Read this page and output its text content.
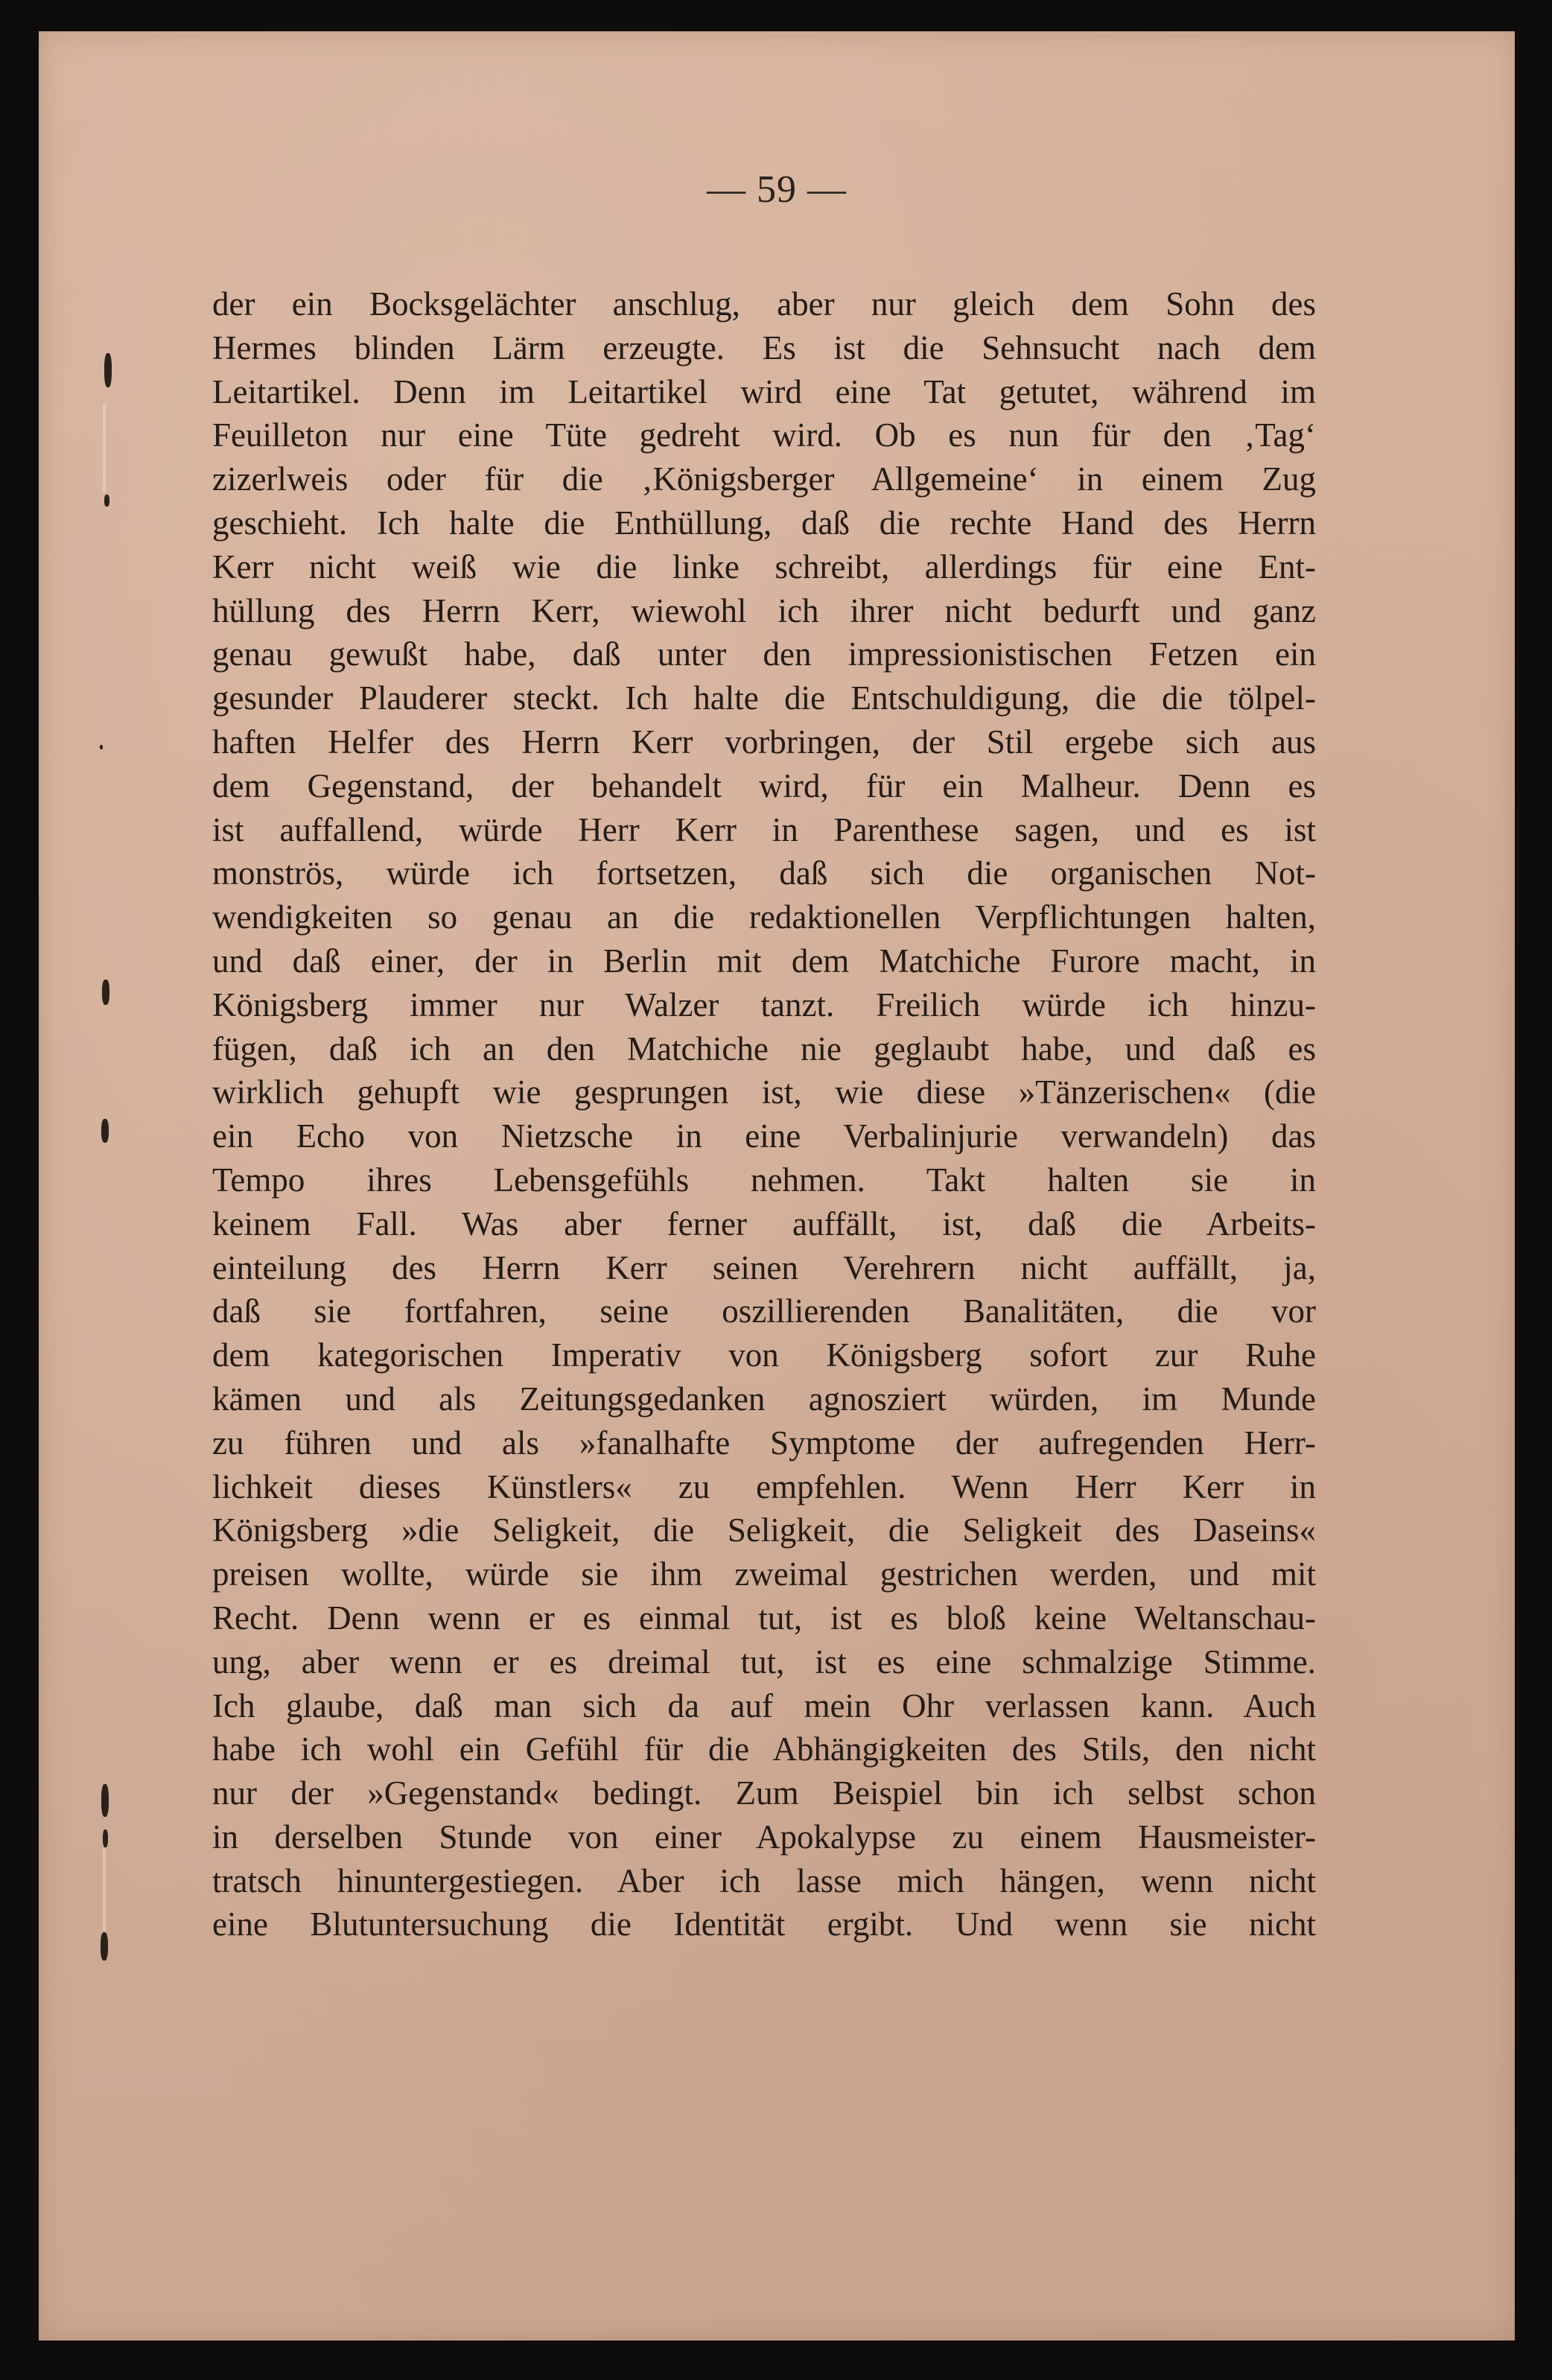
— 59 —
der ein Bocksgelächter anschlug, aber nur gleich dem Sohn des
Hermes blinden Lärm erzeugte. Es ist die Sehnsucht nach dem
Leitartikel. Denn im Leitartikel wird eine Tat getutet, während im
Feuilleton nur eine Tüte gedreht wird. Ob es nun für den ‚Tag‘
zizerlweis oder für die ‚Königsberger Allgemeine‘ in einem Zug
geschieht. Ich halte die Enthüllung, daß die rechte Hand des Herrn
Kerr nicht weiß wie die linke schreibt, allerdings für eine Ent-
hüllung des Herrn Kerr, wiewohl ich ihrer nicht bedurft und ganz
genau gewußt habe, daß unter den impressionistischen Fetzen ein
gesunder Plauderer steckt. Ich halte die Entschuldigung, die die tölpel-
haften Helfer des Herrn Kerr vorbringen, der Stil ergebe sich aus
dem Gegenstand, der behandelt wird, für ein Malheur. Denn es
ist auffallend, würde Herr Kerr in Parenthese sagen, und es ist
monströs, würde ich fortsetzen, daß sich die organischen Not-
wendigkeiten so genau an die redaktionellen Verpflichtungen halten,
und daß einer, der in Berlin mit dem Matchiche Furore macht, in
Königsberg immer nur Walzer tanzt. Freilich würde ich hinzu-
fügen, daß ich an den Matchiche nie geglaubt habe, und daß es
wirklich gehupft wie gesprungen ist, wie diese »Tänzerischen« (die
ein Echo von Nietzsche in eine Verbalinjurie verwandeln) das
Tempo ihres Lebensgefühls nehmen. Takt halten sie in
keinem Fall. Was aber ferner auffällt, ist, daß die Arbeits-
einteilung des Herrn Kerr seinen Verehrern nicht auffällt, ja,
daß sie fortfahren, seine oszillierenden Banalitäten, die vor
dem kategorischen Imperativ von Königsberg sofort zur Ruhe
kämen und als Zeitungsgedanken agnosziert würden, im Munde
zu führen und als »fanalhafte Symptome der aufregenden Herr-
lichkeit dieses Künstlers« zu empfehlen. Wenn Herr Kerr in
Königsberg »die Seligkeit, die Seligkeit, die Seligkeit des Daseins«
preisen wollte, würde sie ihm zweimal gestrichen werden, und mit
Recht. Denn wenn er es einmal tut, ist es bloß keine Weltanschau-
ung, aber wenn er es dreimal tut, ist es eine schmalzige Stimme.
Ich glaube, daß man sich da auf mein Ohr verlassen kann. Auch
habe ich wohl ein Gefühl für die Abhängigkeiten des Stils, den nicht
nur der »Gegenstand« bedingt. Zum Beispiel bin ich selbst schon
in derselben Stunde von einer Apokalypse zu einem Hausmeister-
tratsch hinuntergestiegen. Aber ich lasse mich hängen, wenn nicht
eine Blutuntersuchung die Identität ergibt. Und wenn sie nicht
